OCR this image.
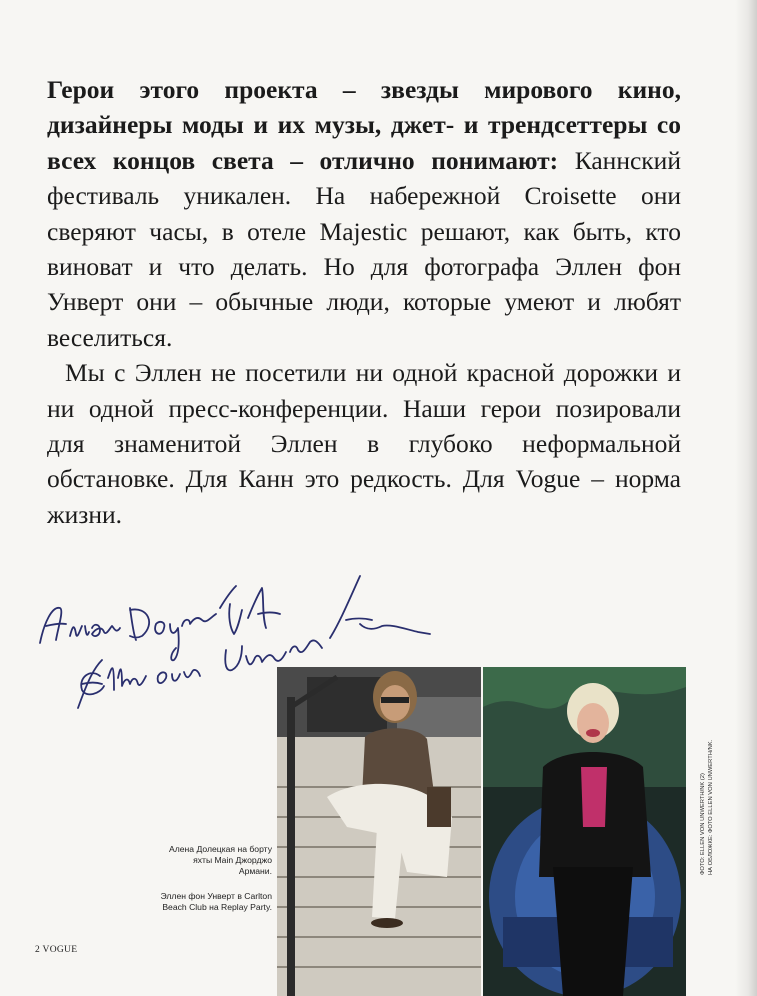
Герои этого проекта – звезды мирового кино, дизайнеры моды и их музы, джет- и трендсеттеры со всех концов света – отлично понимают: Каннский фестиваль уникален. На набережной Croisette они сверяют часы, в отеле Majestic решают, как быть, кто виноват и что делать. Но для фотографа Эллен фон Унверт они – обычные люди, которые умеют и любят веселиться.

Мы с Эллен не посетили ни одной красной дорожки и ни одной пресс-конференции. Наши герои позировали для знаменитой Эллен в глубоко неформальной обстановке. Для Канн это редкость. Для Vogue – норма жизни.

Алена Долецкая на борту яхты Main Джорджо Армани.
Эллен фон Унверт в Carlton Beach Club на Replay Party.
ФОТО: ELLEN VON UNWERTH/NK (2) НА ОБЛОЖКЕ: ФОТО ELLEN VON UNWERTH/NK.
2 VOGUE
